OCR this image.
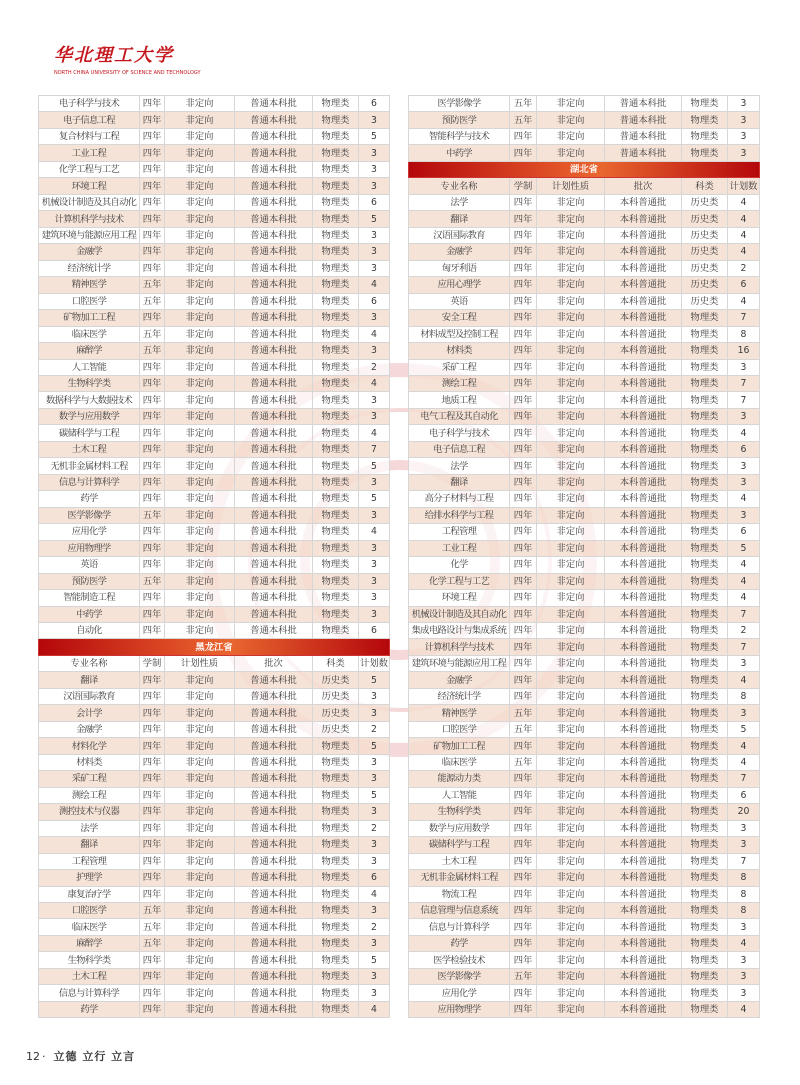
华北理工大学
NORTH CHINA UNIVERSITY OF SCIENCE AND TECHNOLOGY
电子科学与技术	四年	非定向	普通本科批	物理类	6
电子信息工程	四年	非定向	普通本科批	物理类	3
复合材料与工程	四年	非定向	普通本科批	物理类	5
工业工程	四年	非定向	普通本科批	物理类	3
化学工程与工艺	四年	非定向	普通本科批	物理类	3
环境工程	四年	非定向	普通本科批	物理类	3
机械设计制造及其自动化	四年	非定向	普通本科批	物理类	6
计算机科学与技术	四年	非定向	普通本科批	物理类	5
建筑环境与能源应用工程	四年	非定向	普通本科批	物理类	3
金融学	四年	非定向	普通本科批	物理类	3
经济统计学	四年	非定向	普通本科批	物理类	3
精神医学	五年	非定向	普通本科批	物理类	4
口腔医学	五年	非定向	普通本科批	物理类	6
矿物加工工程	四年	非定向	普通本科批	物理类	3
临床医学	五年	非定向	普通本科批	物理类	4
麻醉学	五年	非定向	普通本科批	物理类	3
人工智能	四年	非定向	普通本科批	物理类	2
生物科学类	四年	非定向	普通本科批	物理类	4
数据科学与大数据技术	四年	非定向	普通本科批	物理类	3
数学与应用数学	四年	非定向	普通本科批	物理类	3
碳储科学与工程	四年	非定向	普通本科批	物理类	4
土木工程	四年	非定向	普通本科批	物理类	7
无机非金属材料工程	四年	非定向	普通本科批	物理类	5
信息与计算科学	四年	非定向	普通本科批	物理类	3
药学	四年	非定向	普通本科批	物理类	5
医学影像学	五年	非定向	普通本科批	物理类	3
应用化学	四年	非定向	普通本科批	物理类	4
应用物理学	四年	非定向	普通本科批	物理类	3
英语	四年	非定向	普通本科批	物理类	3
预防医学	五年	非定向	普通本科批	物理类	3
智能制造工程	四年	非定向	普通本科批	物理类	3
中药学	四年	非定向	普通本科批	物理类	3
自动化	四年	非定向	普通本科批	物理类	6
黑龙江省					
专业名称	学制	计划性质	批次	科类	计划数
翻译	四年	非定向	普通本科批	历史类	5
汉语国际教育	四年	非定向	普通本科批	历史类	3
会计学	四年	非定向	普通本科批	历史类	3
金融学	四年	非定向	普通本科批	历史类	2
材料化学	四年	非定向	普通本科批	物理类	5
材料类	四年	非定向	普通本科批	物理类	3
采矿工程	四年	非定向	普通本科批	物理类	3
测绘工程	四年	非定向	普通本科批	物理类	5
测控技术与仪器	四年	非定向	普通本科批	物理类	3
法学	四年	非定向	普通本科批	物理类	2
翻译	四年	非定向	普通本科批	物理类	3
工程管理	四年	非定向	普通本科批	物理类	3
护理学	四年	非定向	普通本科批	物理类	6
康复治疗学	四年	非定向	普通本科批	物理类	4
口腔医学	五年	非定向	普通本科批	物理类	3
临床医学	五年	非定向	普通本科批	物理类	2
麻醉学	五年	非定向	普通本科批	物理类	3
生物科学类	四年	非定向	普通本科批	物理类	5
土木工程	四年	非定向	普通本科批	物理类	3
信息与计算科学	四年	非定向	普通本科批	物理类	3
药学	四年	非定向	普通本科批	物理类	4
医学影像学	五年	非定向	普通本科批	物理类	3
预防医学	五年	非定向	普通本科批	物理类	3
智能科学与技术	四年	非定向	普通本科批	物理类	3
中药学	四年	非定向	普通本科批	物理类	3
湖北省					
专业名称	学制	计划性质	批次	科类	计划数
法学	四年	非定向	本科普通批	历史类	4
翻译	四年	非定向	本科普通批	历史类	4
汉语国际教育	四年	非定向	本科普通批	历史类	4
金融学	四年	非定向	本科普通批	历史类	4
匈牙利语	四年	非定向	本科普通批	历史类	2
应用心理学	四年	非定向	本科普通批	历史类	6
英语	四年	非定向	本科普通批	历史类	4
安全工程	四年	非定向	本科普通批	物理类	7
材料成型及控制工程	四年	非定向	本科普通批	物理类	8
材料类	四年	非定向	本科普通批	物理类	16
采矿工程	四年	非定向	本科普通批	物理类	3
测绘工程	四年	非定向	本科普通批	物理类	7
地质工程	四年	非定向	本科普通批	物理类	7
电气工程及其自动化	四年	非定向	本科普通批	物理类	3
电子科学与技术	四年	非定向	本科普通批	物理类	4
电子信息工程	四年	非定向	本科普通批	物理类	6
法学	四年	非定向	本科普通批	物理类	3
翻译	四年	非定向	本科普通批	物理类	3
高分子材料与工程	四年	非定向	本科普通批	物理类	4
给排水科学与工程	四年	非定向	本科普通批	物理类	3
工程管理	四年	非定向	本科普通批	物理类	6
工业工程	四年	非定向	本科普通批	物理类	5
化学	四年	非定向	本科普通批	物理类	4
化学工程与工艺	四年	非定向	本科普通批	物理类	4
环境工程	四年	非定向	本科普通批	物理类	4
机械设计制造及其自动化	四年	非定向	本科普通批	物理类	7
集成电路设计与集成系统	四年	非定向	本科普通批	物理类	2
计算机科学与技术	四年	非定向	本科普通批	物理类	7
建筑环境与能源应用工程	四年	非定向	本科普通批	物理类	3
金融学	四年	非定向	本科普通批	物理类	4
经济统计学	四年	非定向	本科普通批	物理类	8
精神医学	五年	非定向	本科普通批	物理类	3
口腔医学	五年	非定向	本科普通批	物理类	5
矿物加工工程	四年	非定向	本科普通批	物理类	4
临床医学	五年	非定向	本科普通批	物理类	4
能源动力类	四年	非定向	本科普通批	物理类	7
人工智能	四年	非定向	本科普通批	物理类	6
生物科学类	四年	非定向	本科普通批	物理类	20
数学与应用数学	四年	非定向	本科普通批	物理类	3
碳储科学与工程	四年	非定向	本科普通批	物理类	3
土木工程	四年	非定向	本科普通批	物理类	7
无机非金属材料工程	四年	非定向	本科普通批	物理类	8
物流工程	四年	非定向	本科普通批	物理类	8
信息管理与信息系统	四年	非定向	本科普通批	物理类	8
信息与计算科学	四年	非定向	本科普通批	物理类	3
药学	四年	非定向	本科普通批	物理类	4
医学检验技术	四年	非定向	本科普通批	物理类	3
医学影像学	五年	非定向	本科普通批	物理类	3
应用化学	四年	非定向	本科普通批	物理类	3
应用物理学	四年	非定向	本科普通批	物理类	4
12 · 立德 立行 立言
